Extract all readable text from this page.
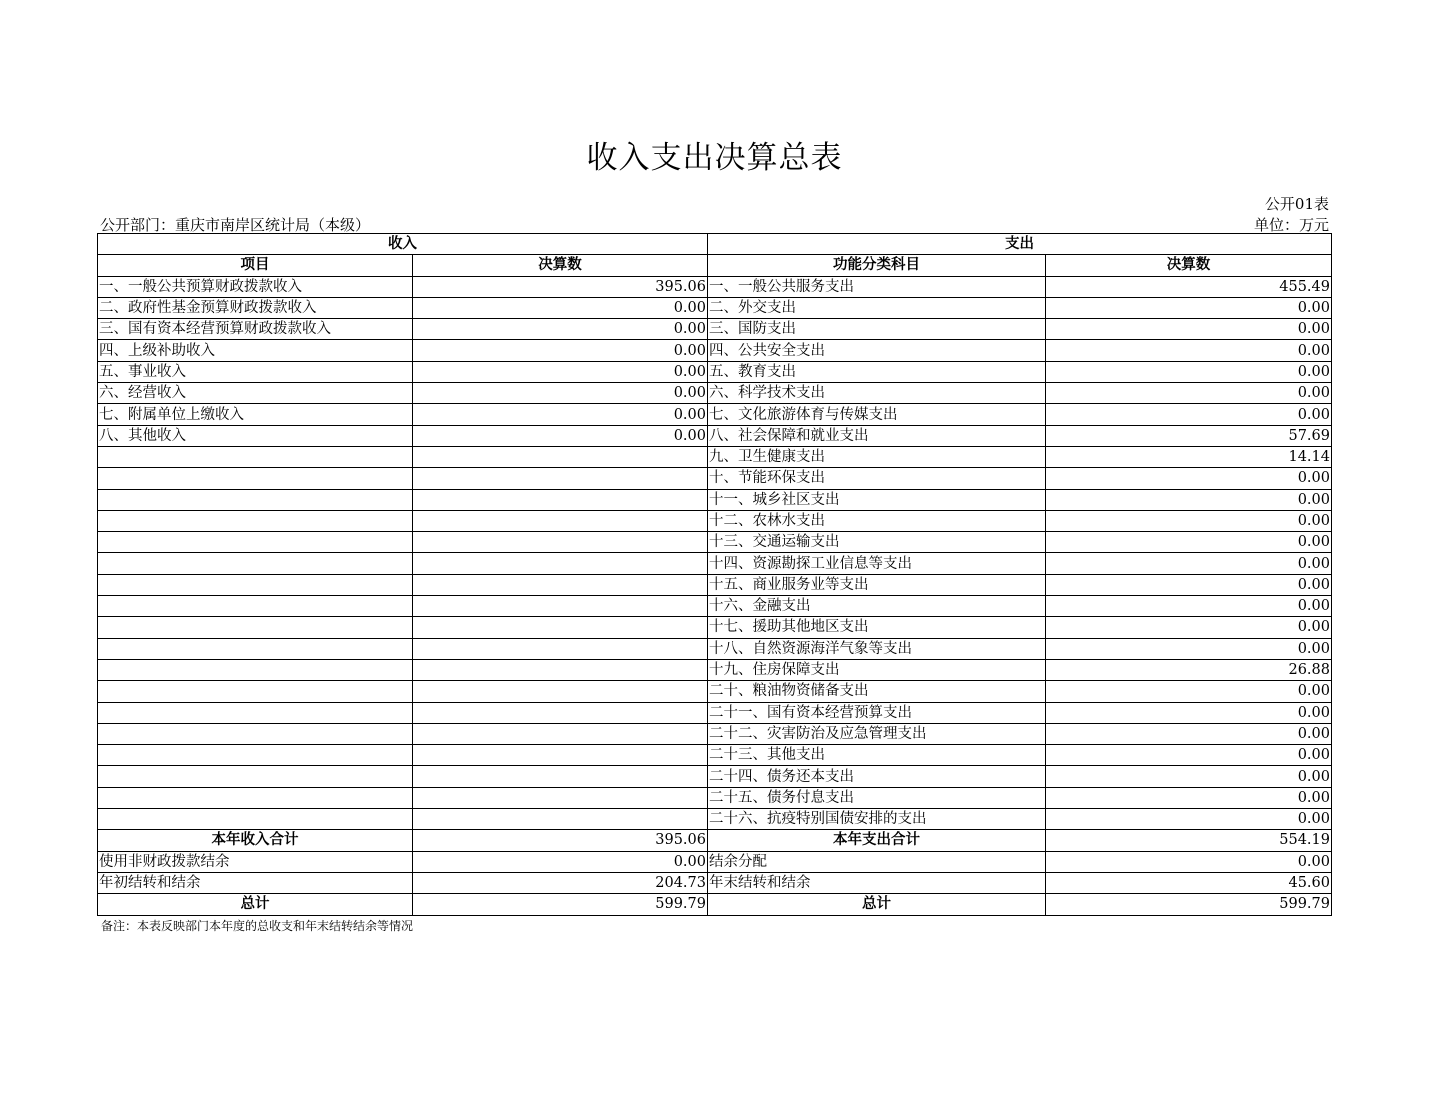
收入支出决算总表
公开01表
公开部门：重庆市南岸区统计局（本级）	单位：万元
收入		支出	
项目	决算数	功能分类科目	决算数
一、一般公共预算财政拨款收入	395.06	一、一般公共服务支出	455.49
二、政府性基金预算财政拨款收入	0.00	二、外交支出	0.00
三、国有资本经营预算财政拨款收入	0.00	三、国防支出	0.00
四、上级补助收入	0.00	四、公共安全支出	0.00
五、事业收入	0.00	五、教育支出	0.00
六、经营收入	0.00	六、科学技术支出	0.00
七、附属单位上缴收入	0.00	七、文化旅游体育与传媒支出	0.00
八、其他收入	0.00	八、社会保障和就业支出	57.69
		九、卫生健康支出	14.14
		十、节能环保支出	0.00
		十一、城乡社区支出	0.00
		十二、农林水支出	0.00
		十三、交通运输支出	0.00
		十四、资源勘探工业信息等支出	0.00
		十五、商业服务业等支出	0.00
		十六、金融支出	0.00
		十七、援助其他地区支出	0.00
		十八、自然资源海洋气象等支出	0.00
		十九、住房保障支出	26.88
		二十、粮油物资储备支出	0.00
		二十一、国有资本经营预算支出	0.00
		二十二、灾害防治及应急管理支出	0.00
		二十三、其他支出	0.00
		二十四、债务还本支出	0.00
		二十五、债务付息支出	0.00
		二十六、抗疫特别国债安排的支出	0.00
本年收入合计	395.06	本年支出合计	554.19
使用非财政拨款结余	0.00	结余分配	0.00
年初结转和结余	204.73	年末结转和结余	45.60
总计	599.79	总计	599.79
备注：本表反映部门本年度的总收支和年末结转结余等情况
